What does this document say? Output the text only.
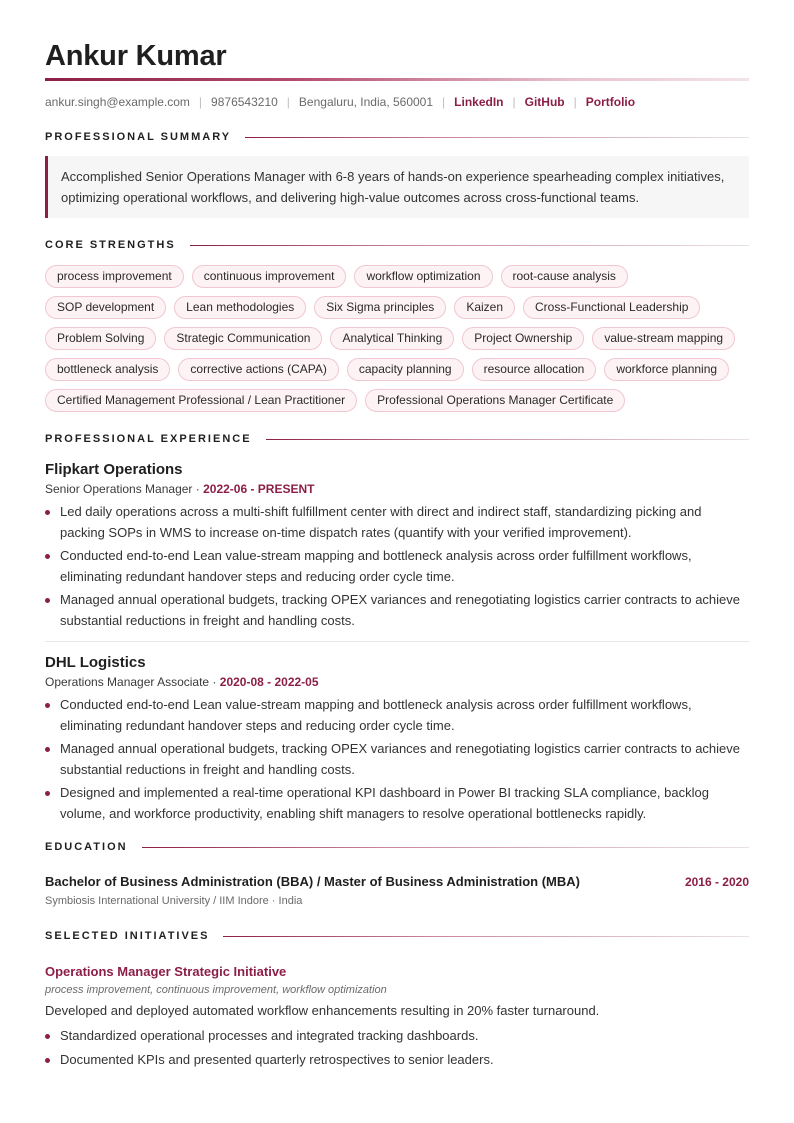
Ankur Kumar
ankur.singh@example.com | 9876543210 | Bengaluru, India, 560001 | LinkedIn | GitHub | Portfolio
PROFESSIONAL SUMMARY
Accomplished Senior Operations Manager with 6-8 years of hands-on experience spearheading complex initiatives, optimizing operational workflows, and delivering high-value outcomes across cross-functional teams.
CORE STRENGTHS
process improvement	continuous improvement	workflow optimization	root-cause analysis
SOP development	Lean methodologies	Six Sigma principles	Kaizen	Cross-Functional Leadership
Problem Solving	Strategic Communication	Analytical Thinking	Project Ownership	value-stream mapping
bottleneck analysis	corrective actions (CAPA)	capacity planning	resource allocation	workforce planning
Certified Management Professional / Lean Practitioner	Professional Operations Manager Certificate
PROFESSIONAL EXPERIENCE
Flipkart Operations
Senior Operations Manager · 2022-06 - PRESENT
Led daily operations across a multi-shift fulfillment center with direct and indirect staff, standardizing picking and packing SOPs in WMS to increase on-time dispatch rates (quantify with your verified improvement).
Conducted end-to-end Lean value-stream mapping and bottleneck analysis across order fulfillment workflows, eliminating redundant handover steps and reducing order cycle time.
Managed annual operational budgets, tracking OPEX variances and renegotiating logistics carrier contracts to achieve substantial reductions in freight and handling costs.
DHL Logistics
Operations Manager Associate · 2020-08 - 2022-05
Conducted end-to-end Lean value-stream mapping and bottleneck analysis across order fulfillment workflows, eliminating redundant handover steps and reducing order cycle time.
Managed annual operational budgets, tracking OPEX variances and renegotiating logistics carrier contracts to achieve substantial reductions in freight and handling costs.
Designed and implemented a real-time operational KPI dashboard in Power BI tracking SLA compliance, backlog volume, and workforce productivity, enabling shift managers to resolve operational bottlenecks rapidly.
EDUCATION
Bachelor of Business Administration (BBA) / Master of Business Administration (MBA)	2016 - 2020
Symbiosis International University / IIM Indore · India
SELECTED INITIATIVES
Operations Manager Strategic Initiative
process improvement, continuous improvement, workflow optimization
Developed and deployed automated workflow enhancements resulting in 20% faster turnaround.
Standardized operational processes and integrated tracking dashboards.
Documented KPIs and presented quarterly retrospectives to senior leaders.
